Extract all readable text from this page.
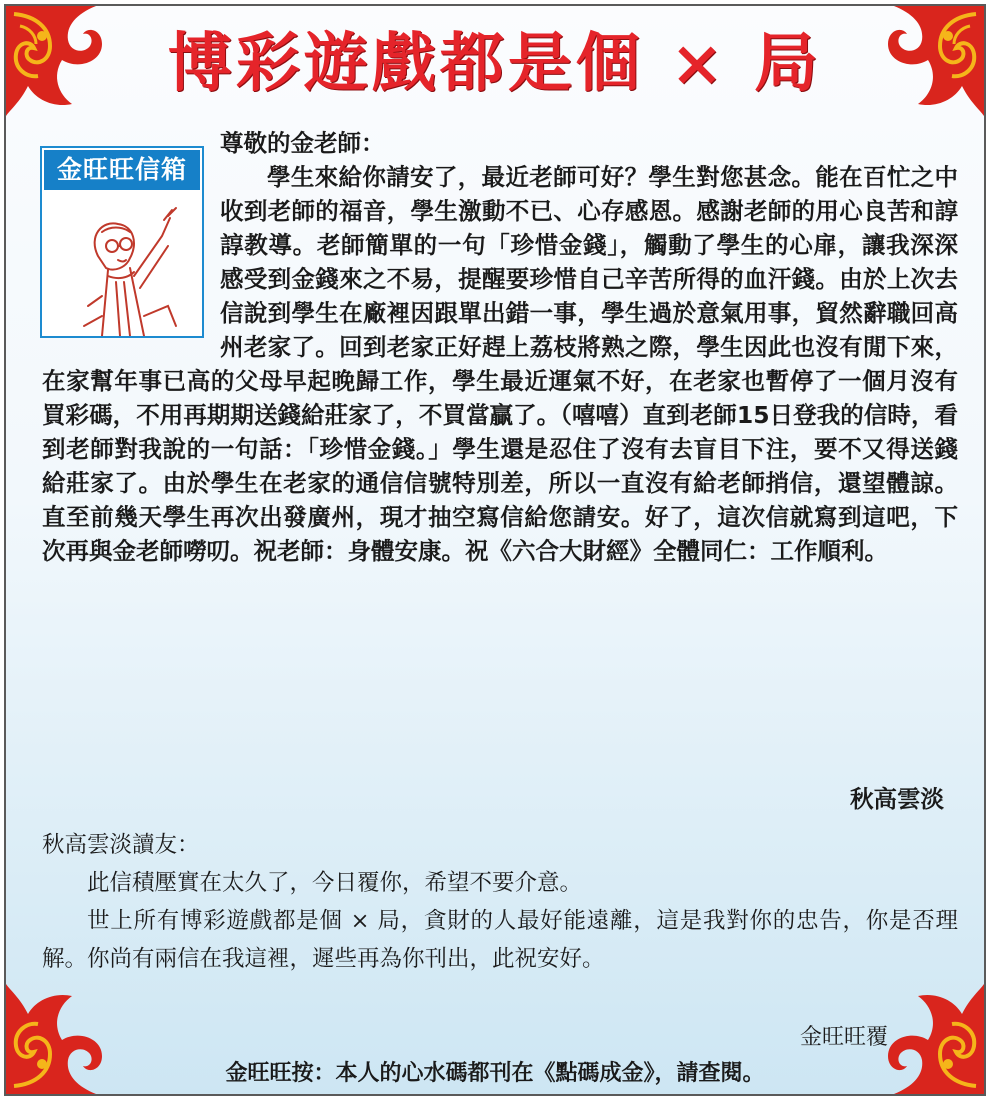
博彩遊戲都是個 × 局
金旺旺信箱

尊敬的金老師：

學生來給你請安了，最近老師可好？學生對您甚念。能在百忙之中收到老師的福音，學生激動不已、心存感恩。感謝老師的用心良苦和諄諄教導。老師簡單的一句「珍惜金錢」，觸動了學生的心扉，讓我深深感受到金錢來之不易，提醒要珍惜自己辛苦所得的血汗錢。由於上次去信說到學生在廠裡因跟單出錯一事，學生過於意氣用事，貿然辭職回高州老家了。回到老家正好趕上荔枝將熟之際，學生因此也沒有閒下來，在家幫年事已高的父母早起晚歸工作，學生最近運氣不好，在老家也暫停了一個月沒有買彩碼，不用再期期送錢給莊家了，不買當贏了。（嘻嘻）直到老師15日登我的信時，看到老師對我說的一句話：「珍惜金錢。」學生還是忍住了沒有去盲目下注，要不又得送錢給莊家了。由於學生在老家的通信信號特別差，所以一直沒有給老師捎信，還望體諒。直至前幾天學生再次出發廣州，現才抽空寫信給您請安。好了，這次信就寫到這吧，下次再與金老師嘮叨。祝老師：身體安康。祝《六合大財經》全體同仁：工作順利。

秋高雲淡

秋高雲淡讀友：

此信積壓實在太久了，今日覆你，希望不要介意。

世上所有博彩遊戲都是個 × 局，貪財的人最好能遠離，這是我對你的忠告，你是否理解。你尚有兩信在我這裡，遲些再為你刊出，此祝安好。

金旺旺覆
金旺旺按：本人的心水碼都刊在《點碼成金》，請查閱。
